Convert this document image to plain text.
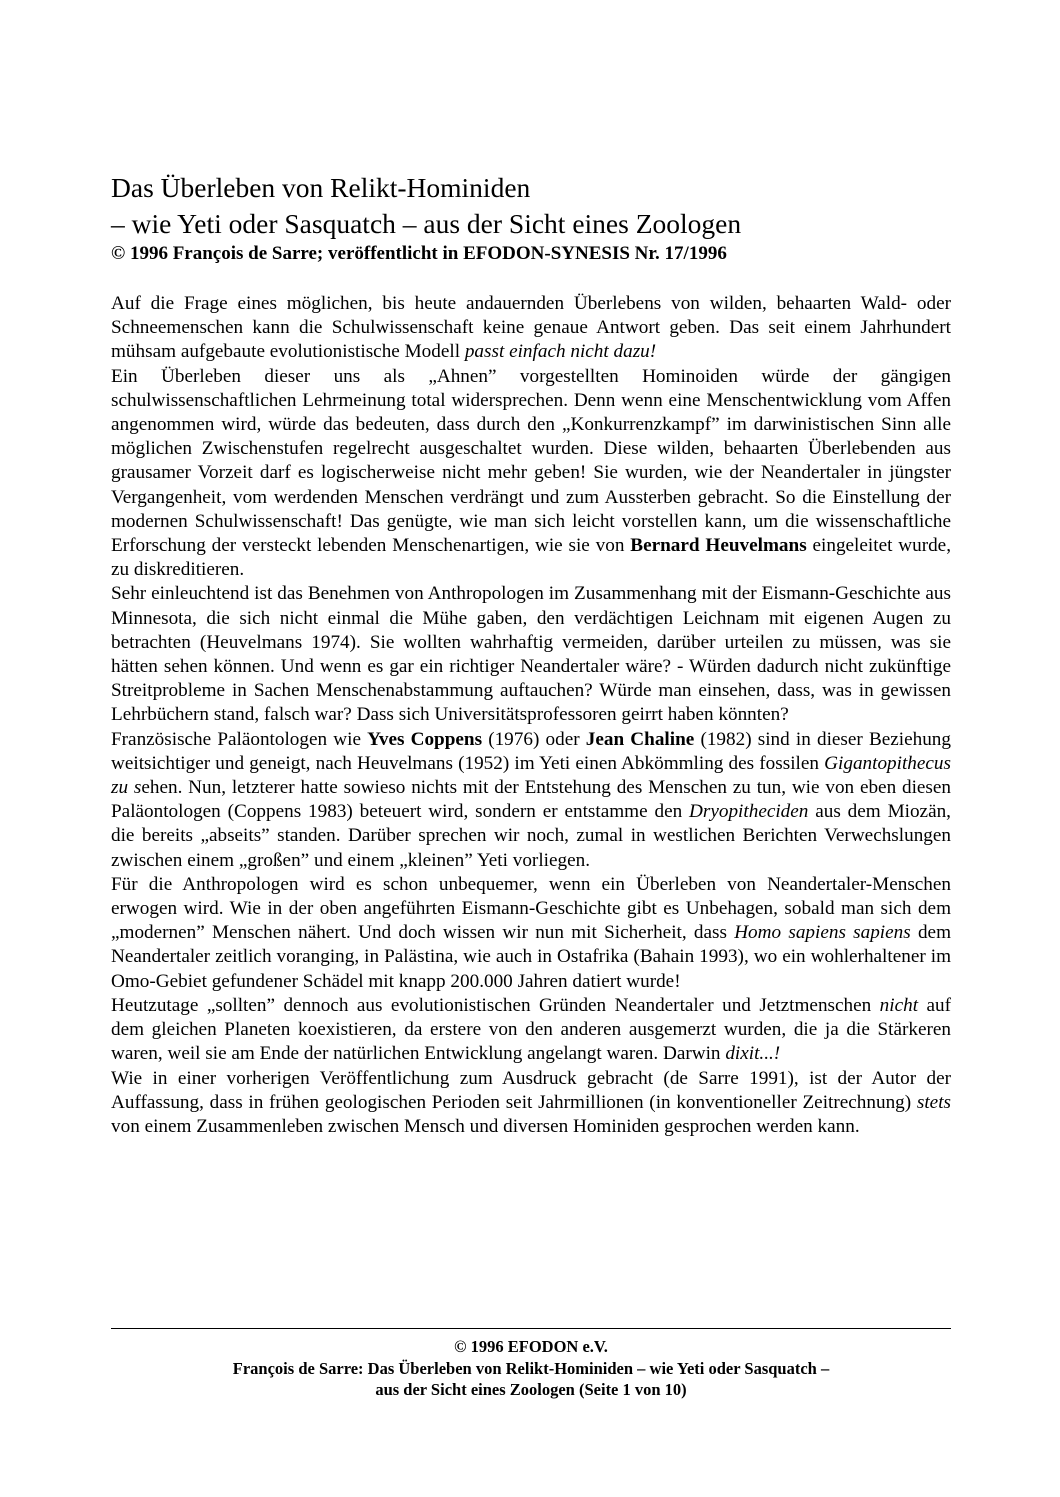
Das Überleben von Relikt-Hominiden
– wie Yeti oder Sasquatch – aus der Sicht eines Zoologen
© 1996 François de Sarre; veröffentlicht in EFODON-SYNESIS Nr. 17/1996

Auf die Frage eines möglichen, bis heute andauernden Überlebens von wilden, behaarten Wald- oder Schneemenschen kann die Schulwissenschaft keine genaue Antwort geben. Das seit einem Jahrhundert mühsam aufgebaute evolutionistische Modell passt einfach nicht dazu!

Ein Überleben dieser uns als „Ahnen” vorgestellten Hominoiden würde der gängigen schulwissenschaftlichen Lehrmeinung total widersprechen. Denn wenn eine Menschentwicklung vom Affen angenommen wird, würde das bedeuten, dass durch den „Konkurrenzkampf” im darwinistischen Sinn alle möglichen Zwischenstufen regelrecht ausgeschaltet wurden. Diese wilden, behaarten Überlebenden aus grausamer Vorzeit darf es logischerweise nicht mehr geben! Sie wurden, wie der Neandertaler in jüngster Vergangenheit, vom werdenden Menschen verdrängt und zum Aussterben gebracht. So die Einstellung der modernen Schulwissenschaft! Das genügte, wie man sich leicht vorstellen kann, um die wissenschaftliche Erforschung der versteckt lebenden Menschenartigen, wie sie von Bernard Heuvelmans eingeleitet wurde, zu diskreditieren.

Sehr einleuchtend ist das Benehmen von Anthropologen im Zusammenhang mit der Eismann-Geschichte aus Minnesota, die sich nicht einmal die Mühe gaben, den verdächtigen Leichnam mit eigenen Augen zu betrachten (Heuvelmans 1974). Sie wollten wahrhaftig vermeiden, darüber urteilen zu müssen, was sie hätten sehen können. Und wenn es gar ein richtiger Neandertaler wäre? - Würden dadurch nicht zukünftige Streitprobleme in Sachen Menschenabstammung auftauchen? Würde man einsehen, dass, was in gewissen Lehrbüchern stand, falsch war? Dass sich Universitätsprofessoren geirrt haben könnten?

Französische Paläontologen wie Yves Coppens (1976) oder Jean Chaline (1982) sind in dieser Beziehung weitsichtiger und geneigt, nach Heuvelmans (1952) im Yeti einen Abkömmling des fossilen Gigantopithecus zu sehen. Nun, letzterer hatte sowieso nichts mit der Entstehung des Menschen zu tun, wie von eben diesen Paläontologen (Coppens 1983) beteuert wird, sondern er entstamme den Dryopitheciden aus dem Miozän, die bereits „abseits” standen. Darüber sprechen wir noch, zumal in westlichen Berichten Verwechslungen zwischen einem „großen” und einem „kleinen” Yeti vorliegen.

Für die Anthropologen wird es schon unbequemer, wenn ein Überleben von Neandertaler-Menschen erwogen wird. Wie in der oben angeführten Eismann-Geschichte gibt es Unbehagen, sobald man sich dem „modernen” Menschen nähert. Und doch wissen wir nun mit Sicherheit, dass Homo sapiens sapiens dem Neandertaler zeitlich voranging, in Palästina, wie auch in Ostafrika (Bahain 1993), wo ein wohlerhaltener im Omo-Gebiet gefundener Schädel mit knapp 200.000 Jahren datiert wurde!

Heutzutage „sollten” dennoch aus evolutionistischen Gründen Neandertaler und Jetztmenschen nicht auf dem gleichen Planeten koexistieren, da erstere von den anderen ausgemerzt wurden, die ja die Stärkeren waren, weil sie am Ende der natürlichen Entwicklung angelangt waren. Darwin dixit...!

Wie in einer vorherigen Veröffentlichung zum Ausdruck gebracht (de Sarre 1991), ist der Autor der Auffassung, dass in frühen geologischen Perioden seit Jahrmillionen (in konventioneller Zeitrechnung) stets von einem Zusammenleben zwischen Mensch und diversen Hominiden gesprochen werden kann.

© 1996 EFODON e.V.
François de Sarre: Das Überleben von Relikt-Hominiden – wie Yeti oder Sasquatch –
aus der Sicht eines Zoologen (Seite 1 von 10)
